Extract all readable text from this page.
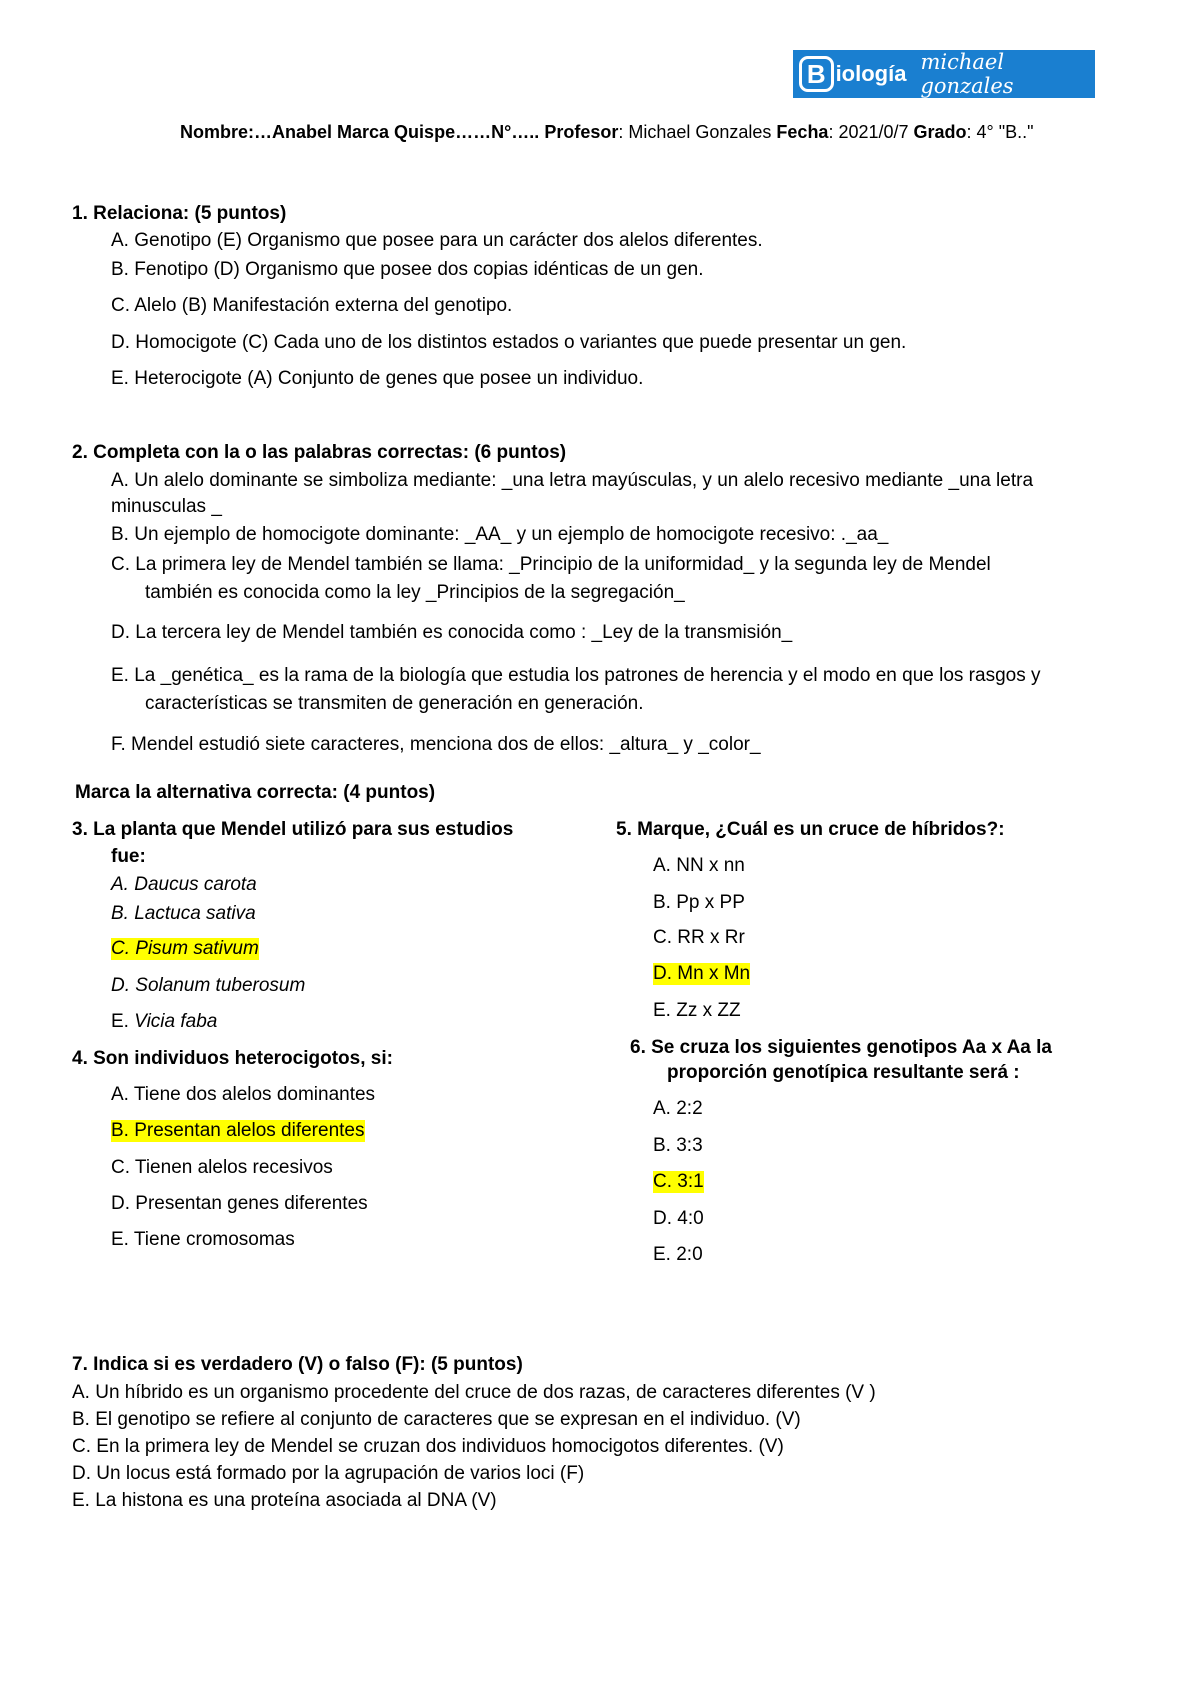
B iología michael gonzales
Nombre:…Anabel Marca Quispe……N°….. Profesor: Michael Gonzales Fecha: 2021/0/7 Grado: 4° "B.."
1. Relaciona: (5 puntos)
A. Genotipo (E) Organismo que posee para un carácter dos alelos diferentes.
B. Fenotipo (D) Organismo que posee dos copias idénticas de un gen.
C. Alelo (B) Manifestación externa del genotipo.
D. Homocigote (C) Cada uno de los distintos estados o variantes que puede presentar un gen.
E. Heterocigote (A) Conjunto de genes que posee un individuo.
2. Completa con la o las palabras correctas: (6 puntos)
A. Un alelo dominante se simboliza mediante: _una letra mayúsculas, y un alelo recesivo mediante _una letra
minusculas _
B. Un ejemplo de homocigote dominante: _AA_ y un ejemplo de homocigote recesivo: ._aa_
C. La primera ley de Mendel también se llama: _Principio de la uniformidad_ y la segunda ley de Mendel
también es conocida como la ley _Principios de la segregación_
D. La tercera ley de Mendel también es conocida como : _Ley de la transmisión_
E. La _genética_ es la rama de la biología que estudia los patrones de herencia y el modo en que los rasgos y
características se transmiten de generación en generación.
F. Mendel estudió siete caracteres, menciona dos de ellos: _altura_ y _color_
Marca la alternativa correcta: (4 puntos)
3. La planta que Mendel utilizó para sus estudios
fue:
A. Daucus carota
B. Lactuca sativa
C. Pisum sativum
D. Solanum tuberosum
E. Vicia faba
4. Son individuos heterocigotos, si:
A. Tiene dos alelos dominantes
B. Presentan alelos diferentes
C. Tienen alelos recesivos
D. Presentan genes diferentes
E. Tiene cromosomas
5. Marque, ¿Cuál es un cruce de híbridos?:
A. NN x nn
B. Pp x PP
C. RR x Rr
D. Mn x Mn
E. Zz x ZZ
6. Se cruza los siguientes genotipos Aa x Aa la
proporción genotípica resultante será :
A. 2:2
B. 3:3
C. 3:1
D. 4:0
E. 2:0
7. Indica si es verdadero (V) o falso (F): (5 puntos)
A. Un híbrido es un organismo procedente del cruce de dos razas, de caracteres diferentes (V )
B. El genotipo se refiere al conjunto de caracteres que se expresan en el individuo. (V)
C. En la primera ley de Mendel se cruzan dos individuos homocigotos diferentes. (V)
D. Un locus está formado por la agrupación de varios loci (F)
E. La histona es una proteína asociada al DNA (V)
